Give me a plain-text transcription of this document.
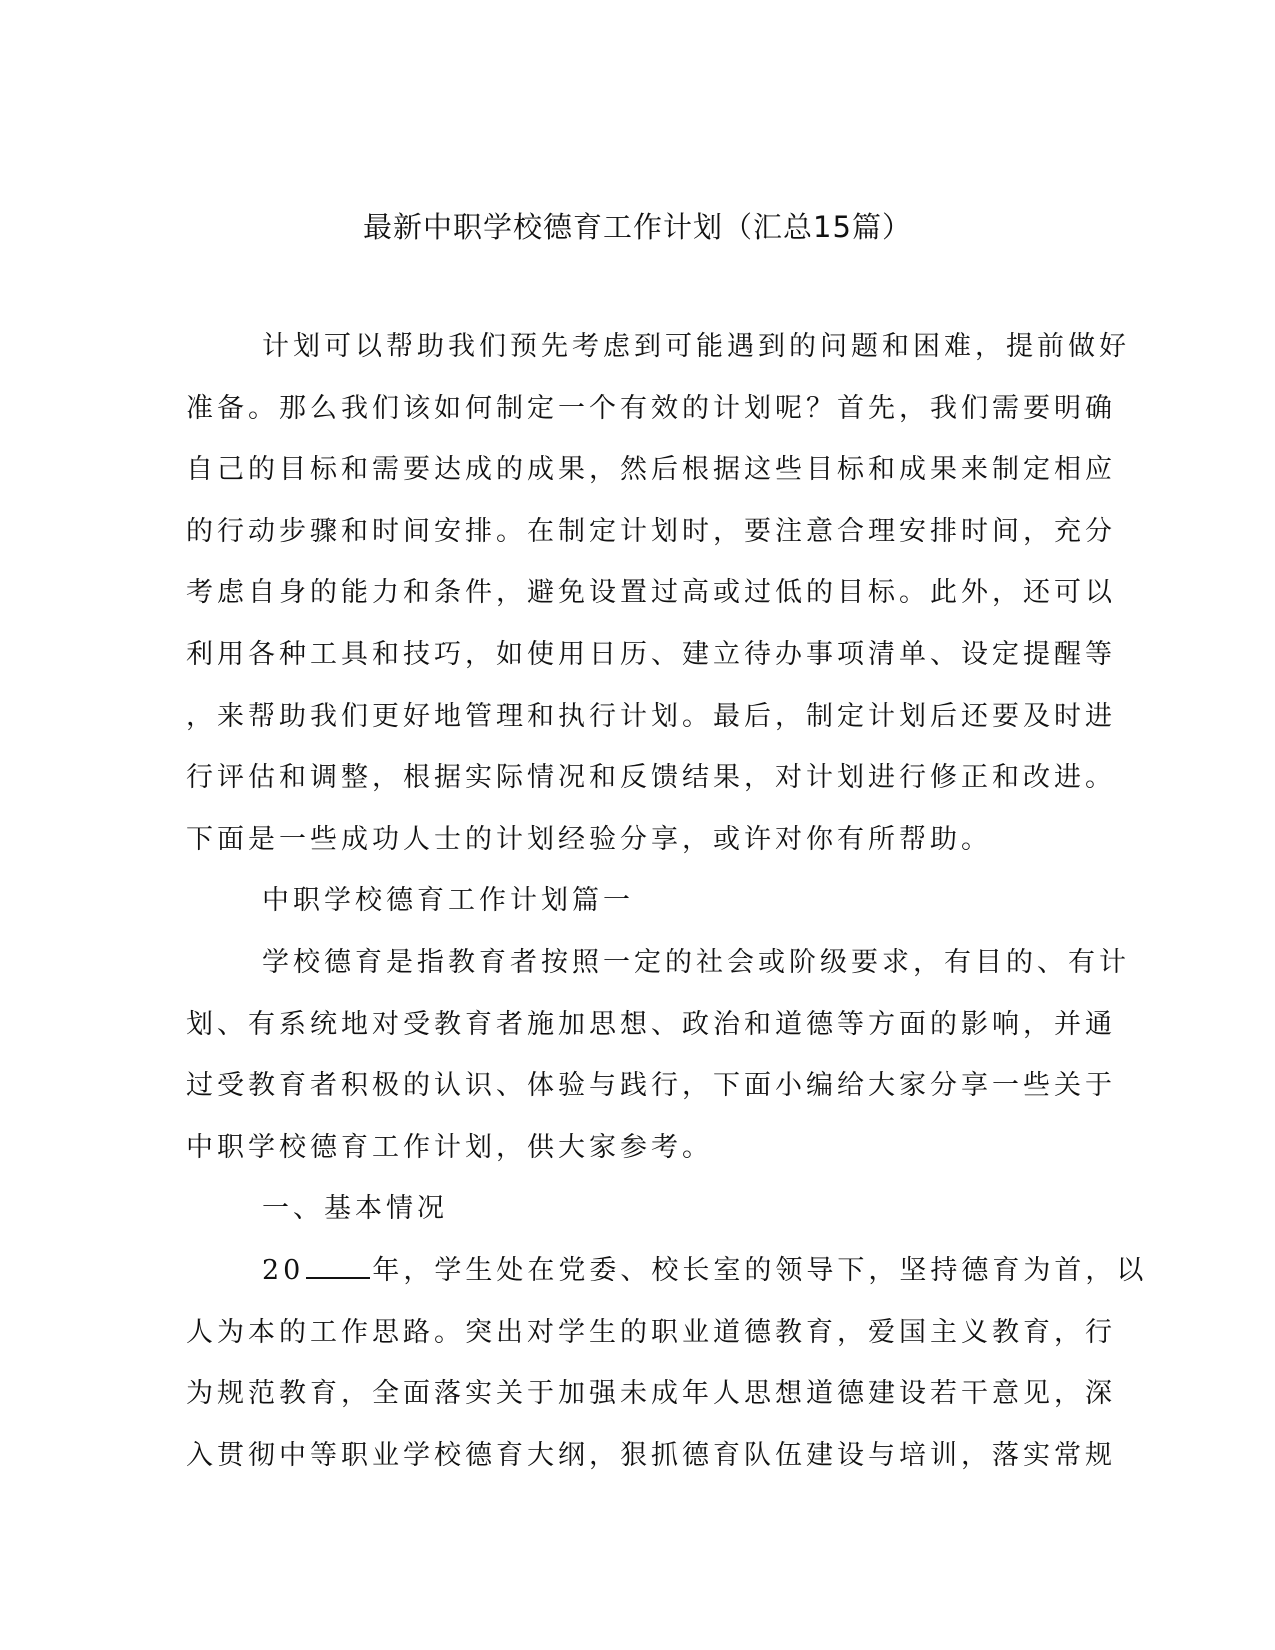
最新中职学校德育工作计划（汇总15篇）
计划可以帮助我们预先考虑到可能遇到的问题和困难，提前做好
准备。那么我们该如何制定一个有效的计划呢？首先，我们需要明确
自己的目标和需要达成的成果，然后根据这些目标和成果来制定相应
的行动步骤和时间安排。在制定计划时，要注意合理安排时间，充分
考虑自身的能力和条件，避免设置过高或过低的目标。此外，还可以
利用各种工具和技巧，如使用日历、建立待办事项清单、设定提醒等
，来帮助我们更好地管理和执行计划。最后，制定计划后还要及时进
行评估和调整，根据实际情况和反馈结果，对计划进行修正和改进。
下面是一些成功人士的计划经验分享，或许对你有所帮助。
中职学校德育工作计划篇一
学校德育是指教育者按照一定的社会或阶级要求，有目的、有计
划、有系统地对受教育者施加思想、政治和道德等方面的影响，并通
过受教育者积极的认识、体验与践行，下面小编给大家分享一些关于
中职学校德育工作计划，供大家参考。
一、基本情况
20	年，学生处在党委、校长室的领导下，坚持德育为首，以
人为本的工作思路。突出对学生的职业道德教育，爱国主义教育，行
为规范教育，全面落实关于加强未成年人思想道德建设若干意见，深
入贯彻中等职业学校德育大纲，狠抓德育队伍建设与培训，落实常规
